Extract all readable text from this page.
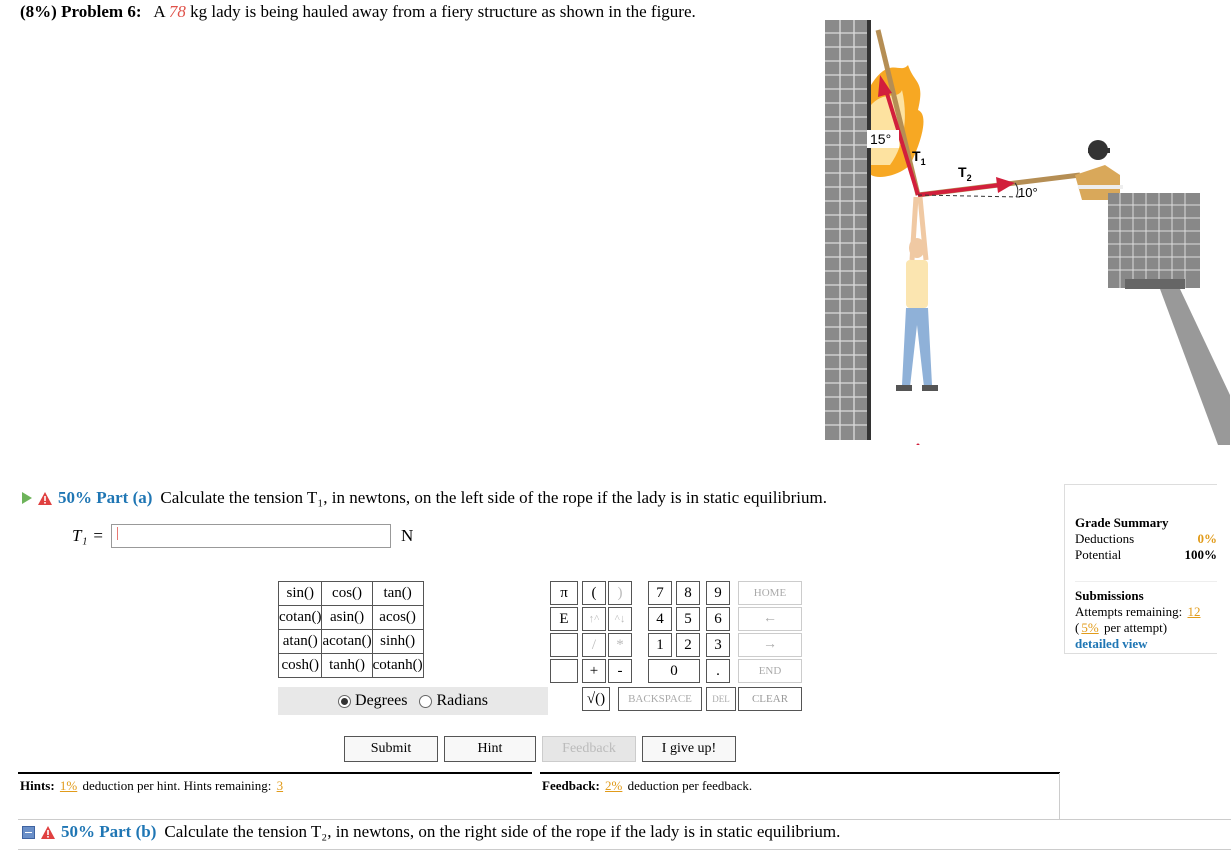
(8%) Problem 6: A 78 kg lady is being hauled away from a fiery structure as shown in the figure.
15°
10°
$T_1$
$T_2$
50% Part (a) Calculate the tension T₁, in newtons, on the left side of the rope if the lady is in static equilibrium.
T₁ = |	N
sin()	cos()	tan()
cotan()	asin()	acos()
atan()	acotan()	sinh()
cosh()	tanh()	cotanh()
Degrees Radians
π
E
(	)
↑^	^↓
/	*
+	-
√()
7	8	9
4	5	6
1	2	3
0	.
BACKSPACE	DEL
HOME
←
→
END
CLEAR
Submit	Hint	Feedback	I give up!
Hints: 1% deduction per hint. Hints remaining: 3	Feedback: 2% deduction per feedback.
50% Part (b) Calculate the tension T₂, in newtons, on the right side of the rope if the lady is in static equilibrium.
Grade Summary
Deductions	0%
Potential	100%
Submissions
Attempts remaining: 12
( 5% per attempt)
detailed view
